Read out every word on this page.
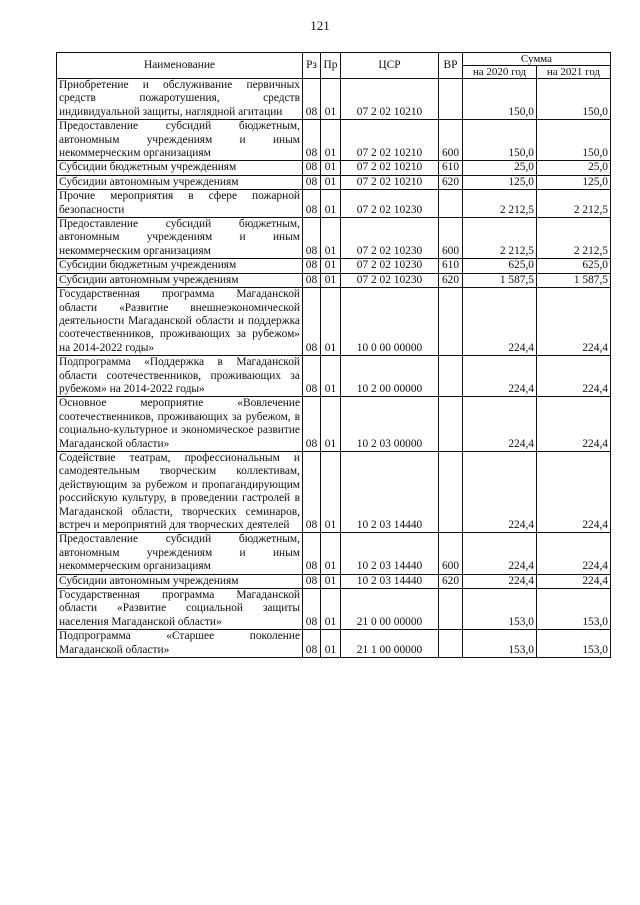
121
Наименование	Рз	Пр	ЦСР	ВР	Сумма	
					на 2020 год	на 2021 год
Приобретение и обслуживание первичных средств пожаротушения, средств индивидуальной защиты, наглядной агитации	08	01	07 2 02 10210		150,0	150,0
Предоставление субсидий бюджетным, автономным учреждениям и иным некоммерческим организациям	08	01	07 2 02 10210	600	150,0	150,0
Субсидии бюджетным учреждениям	08	01	07 2 02 10210	610	25,0	25,0
Субсидии автономным учреждениям	08	01	07 2 02 10210	620	125,0	125,0
Прочие мероприятия в сфере пожарной безопасности	08	01	07 2 02 10230		2 212,5	2 212,5
Предоставление субсидий бюджетным, автономным учреждениям и иным некоммерческим организациям	08	01	07 2 02 10230	600	2 212,5	2 212,5
Субсидии бюджетным учреждениям	08	01	07 2 02 10230	610	625,0	625,0
Субсидии автономным учреждениям	08	01	07 2 02 10230	620	1 587,5	1 587,5
Государственная программа Магаданской области «Развитие внешнеэкономической деятельности Магаданской области и поддержка соотечественников, проживающих за рубежом» на 2014-2022 годы»	08	01	10 0 00 00000		224,4	224,4
Подпрограмма «Поддержка в Магаданской области соотечественников, проживающих за рубежом» на 2014-2022 годы»	08	01	10 2 00 00000		224,4	224,4
Основное мероприятие «Вовлечение соотечественников, проживающих за рубежом, в социально-культурное и экономическое развитие Магаданской области»	08	01	10 2 03 00000		224,4	224,4
Содействие театрам, профессиональным и самодеятельным творческим коллективам, действующим за рубежом и пропагандирующим российскую культуру, в проведении гастролей в Магаданской области, творческих семинаров, встреч и мероприятий для творческих деятелей	08	01	10 2 03 14440		224,4	224,4
Предоставление субсидий бюджетным, автономным учреждениям и иным некоммерческим организациям	08	01	10 2 03 14440	600	224,4	224,4
Субсидии автономным учреждениям	08	01	10 2 03 14440	620	224,4	224,4
Государственная программа Магаданской области «Развитие социальной защиты населения Магаданской области»	08	01	21 0 00 00000		153,0	153,0
Подпрограмма «Старшее поколение Магаданской области»	08	01	21 1 00 00000		153,0	153,0
